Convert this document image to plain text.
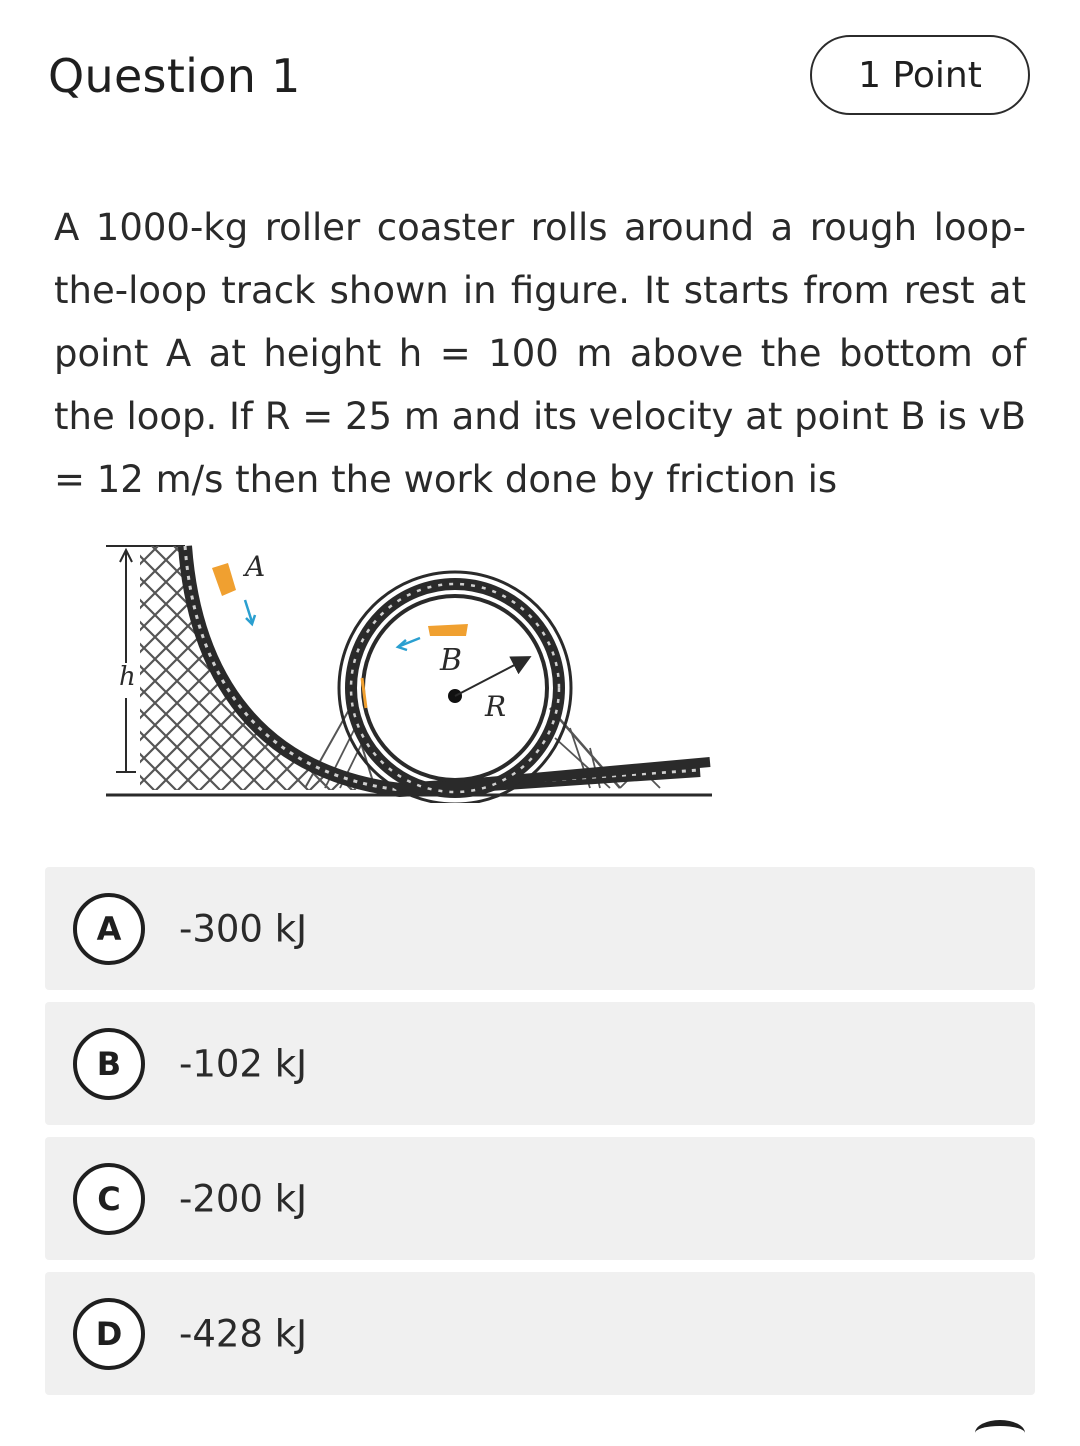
Question 1	1 Point

A 1000-kg roller coaster rolls around a rough loop-the-loop track shown in figure. It starts from rest at point A at height h = 100 m above the bottom of the loop. If R = 25 m and its velocity at point B is vB = 12 m/s then the work done by friction is

h
A
B
R
A	-300 kJ
B	-102 kJ
C	-200 kJ
D	-428 kJ
